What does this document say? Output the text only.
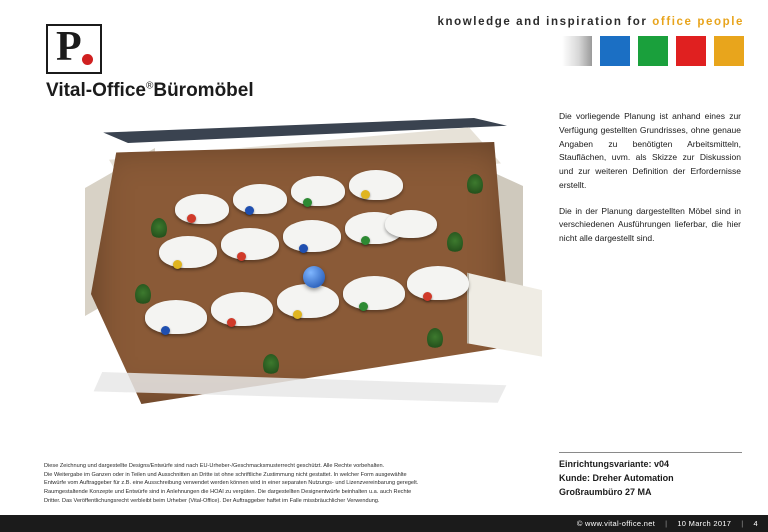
knowledge and inspiration for office people
P
Vital-Office®Büromöbel

Die vorliegende Planung ist anhand eines zur Verfügung gestellten Grundrisses, ohne genaue Angaben zu benötigten Arbeitsmitteln, Stauflächen, uvm. als Skizze zur Diskussion und zur weiteren Definition der Erfordernisse erstellt.

Die in der Planung dargestellten Möbel sind in verschiedenen Ausführungen lieferbar, die hier nicht alle dargestellt sind.

Einrichtungsvariante: v04
Kunde: Dreher Automation
Großraumbüro 27 MA
Diese Zeichnung und dargestellte Designs/Entwürfe sind nach EU-Urheber-/Geschmacksmusterrecht geschützt. Alle Rechte vorbehalten.
Die Weitergabe im Ganzen oder in Teilen und Ausschnitten an Dritte ist ohne schriftliche Zustimmung nicht gestattet. In welcher Form ausgewählte
Entwürfe vom Auftraggeber für z.B. eine Ausschreibung verwendet werden können wird in einer separaten Nutzungs- und Lizenzvereinbarung geregelt.
Raumgestaltende Konzepte und Entwürfe sind in Anlehnungen die HOAI zu vergüten. Die dargestellten Designentwürfe beinhalten u.a. auch Rechte
Dritter. Das Veröffentlichungsrecht verbleibt beim Urheber (Vital-Office). Der Auftraggeber haftet im Falle missbräuchlicher Verwendung.
© www.vital-office.net | 10 March 2017 | 4
